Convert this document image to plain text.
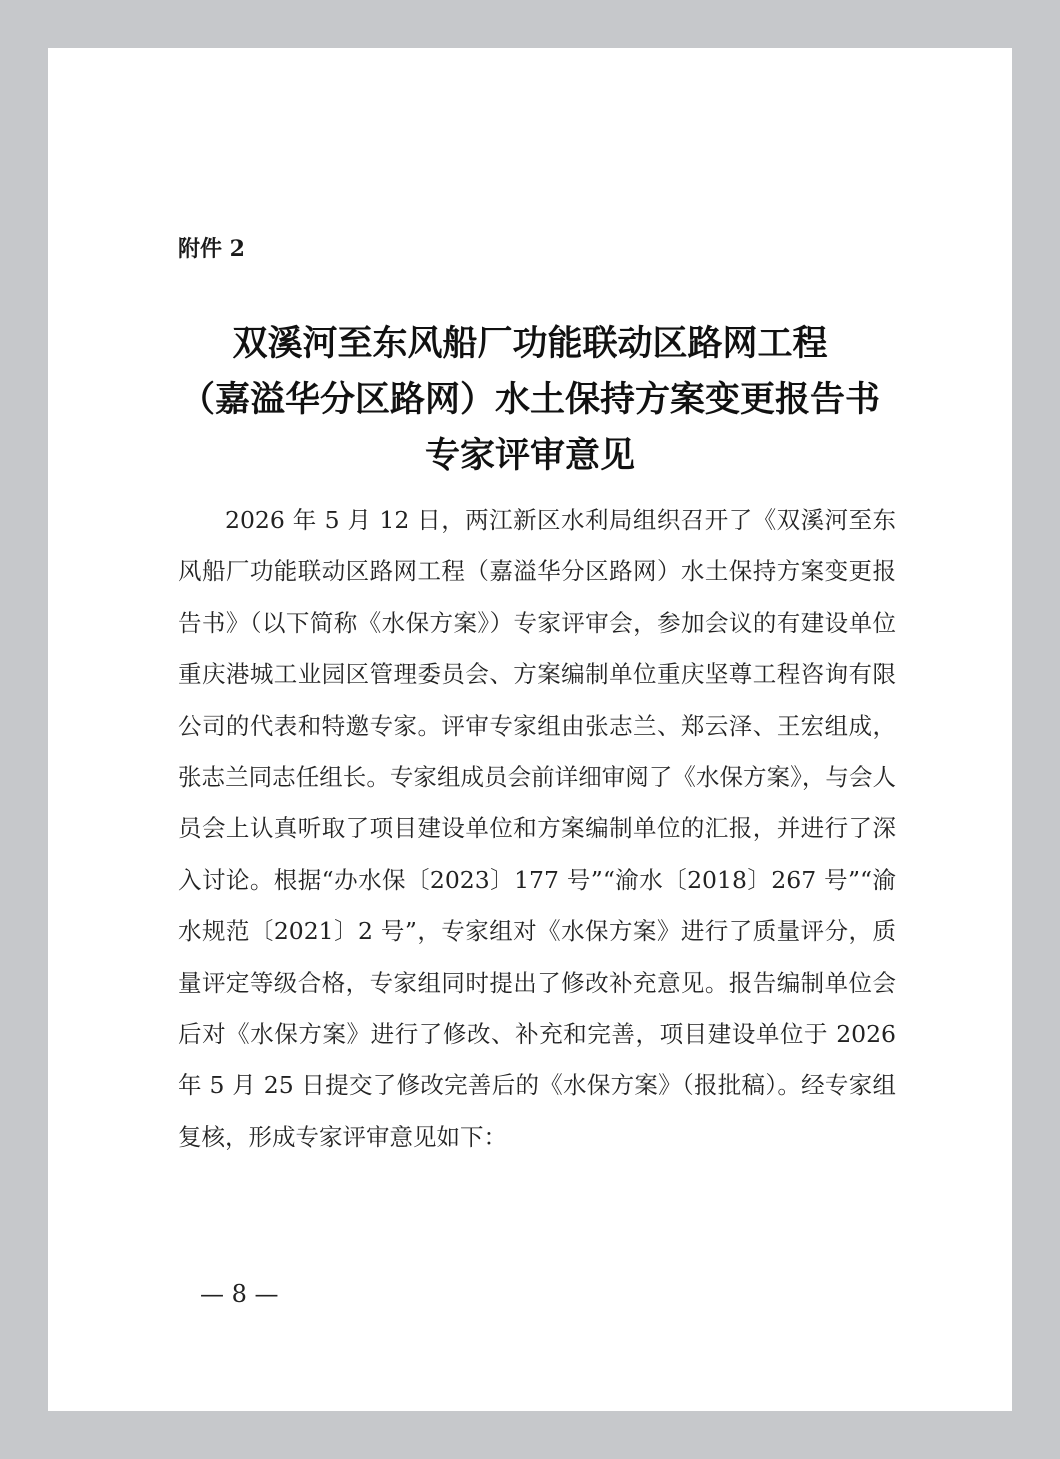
附件 2

双溪河至东风船厂功能联动区路网工程
（嘉溢华分区路网）水土保持方案变更报告书
专家评审意见

2026 年 5 月 12 日，两江新区水利局组织召开了《双溪河至东风船厂功能联动区路网工程（嘉溢华分区路网）水土保持方案变更报告书》（以下简称《水保方案》）专家评审会，参加会议的有建设单位重庆港城工业园区管理委员会、方案编制单位重庆坚尊工程咨询有限公司的代表和特邀专家。评审专家组由张志兰、郑云泽、王宏组成，张志兰同志任组长。专家组成员会前详细审阅了《水保方案》，与会人员会上认真听取了项目建设单位和方案编制单位的汇报，并进行了深入讨论。根据“办水保〔2023〕177 号”“渝水〔2018〕267 号”“渝水规范〔2021〕2 号”，专家组对《水保方案》进行了质量评分，质量评定等级合格，专家组同时提出了修改补充意见。报告编制单位会后对《水保方案》进行了修改、补充和完善，项目建设单位于 2026 年 5 月 25 日提交了修改完善后的《水保方案》（报批稿）。经专家组复核，形成专家评审意见如下：

— 8 —
